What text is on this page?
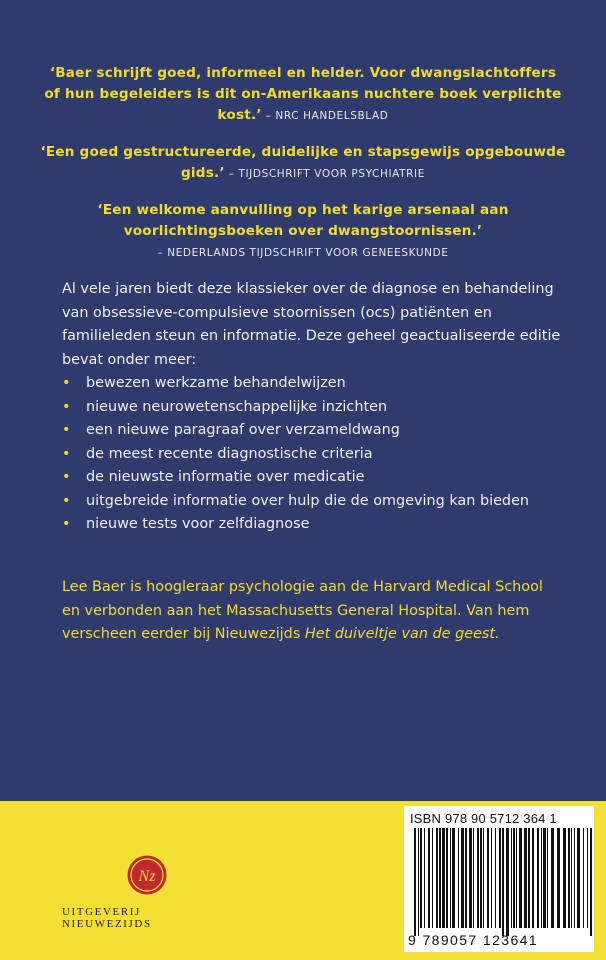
‘Baer schrijft goed, informeel en helder. Voor dwangslachtoffers of hun begeleiders is dit on-Amerikaans nuchtere boek verplichte kost.’ – NRC HANDELSBLAD

‘Een goed gestructureerde, duidelijke en stapsgewijs opgebouwde gids.’ – TIJDSCHRIFT VOOR PSYCHIATRIE

‘Een welkome aanvulling op het karige arsenaal aan voorlichtingsboeken over dwangstoornissen.’
– NEDERLANDS TIJDSCHRIFT VOOR GENEESKUNDE

Al vele jaren biedt deze klassieker over de diagnose en behandeling van obsessieve-compulsieve stoornissen (ocs) patiënten en familieleden steun en informatie. Deze geheel geactualiseerde editie bevat onder meer:

• bewezen werkzame behandelwijzen
• nieuwe neurowetenschappelijke inzichten
• een nieuwe paragraaf over verzameldwang
• de meest recente diagnostische criteria
• de nieuwste informatie over medicatie
• uitgebreide informatie over hulp die de omgeving kan bieden
• nieuwe tests voor zelfdiagnose

Lee Baer is hoogleraar psychologie aan de Harvard Medical School en verbonden aan het Massachusetts General Hospital. Van hem verscheen eerder bij Nieuwezijds Het duiveltje van de geest.

ISBN 978 90 5712 364 1
9 789057 123641
Nz
UITGEVERIJ NIEUWEZIJDS
